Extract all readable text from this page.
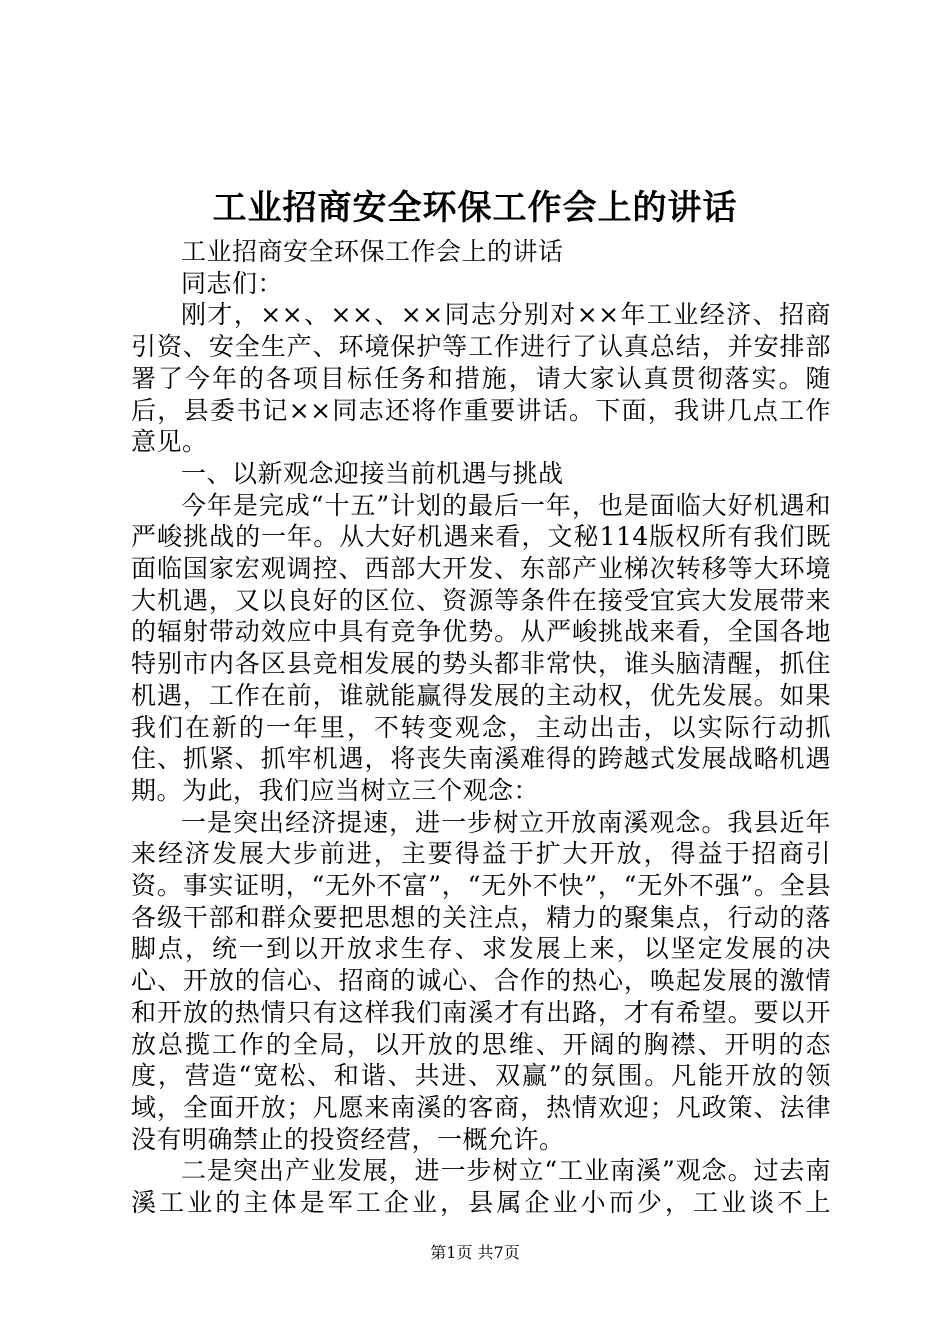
工业招商安全环保工作会上的讲话

工业招商安全环保工作会上的讲话

同志们：

刚才，××、××、××同志分别对××年工业经济、招商引资、安全生产、环境保护等工作进行了认真总结，并安排部署了今年的各项目标任务和措施，请大家认真贯彻落实。随后，县委书记××同志还将作重要讲话。下面，我讲几点工作意见。

一、以新观念迎接当前机遇与挑战

今年是完成“十五”计划的最后一年，也是面临大好机遇和严峻挑战的一年。从大好机遇来看，文秘114版权所有我们既面临国家宏观调控、西部大开发、东部产业梯次转移等大环境大机遇，又以良好的区位、资源等条件在接受宜宾大发展带来的辐射带动效应中具有竞争优势。从严峻挑战来看，全国各地特别市内各区县竞相发展的势头都非常快，谁头脑清醒，抓住机遇，工作在前，谁就能赢得发展的主动权，优先发展。如果我们在新的一年里，不转变观念，主动出击，以实际行动抓住、抓紧、抓牢机遇，将丧失南溪难得的跨越式发展战略机遇期。为此，我们应当树立三个观念：

一是突出经济提速，进一步树立开放南溪观念。我县近年来经济发展大步前进，主要得益于扩大开放，得益于招商引资。事实证明，“无外不富”，“无外不快”，“无外不强”。全县各级干部和群众要把思想的关注点，精力的聚集点，行动的落脚点，统一到以开放求生存、求发展上来，以坚定发展的决心、开放的信心、招商的诚心、合作的热心，唤起发展的激情和开放的热情只有这样我们南溪才有出路，才有希望。要以开放总揽工作的全局，以开放的思维、开阔的胸襟、开明的态度，营造“宽松、和谐、共进、双赢”的氛围。凡能开放的领域，全面开放；凡愿来南溪的客商，热情欢迎；凡政策、法律没有明确禁止的投资经营，一概允许。

二是突出产业发展，进一步树立“工业南溪”观念。过去南溪工业的主体是军工企业，县属企业小而少，工业谈不上

第1页 共7页
